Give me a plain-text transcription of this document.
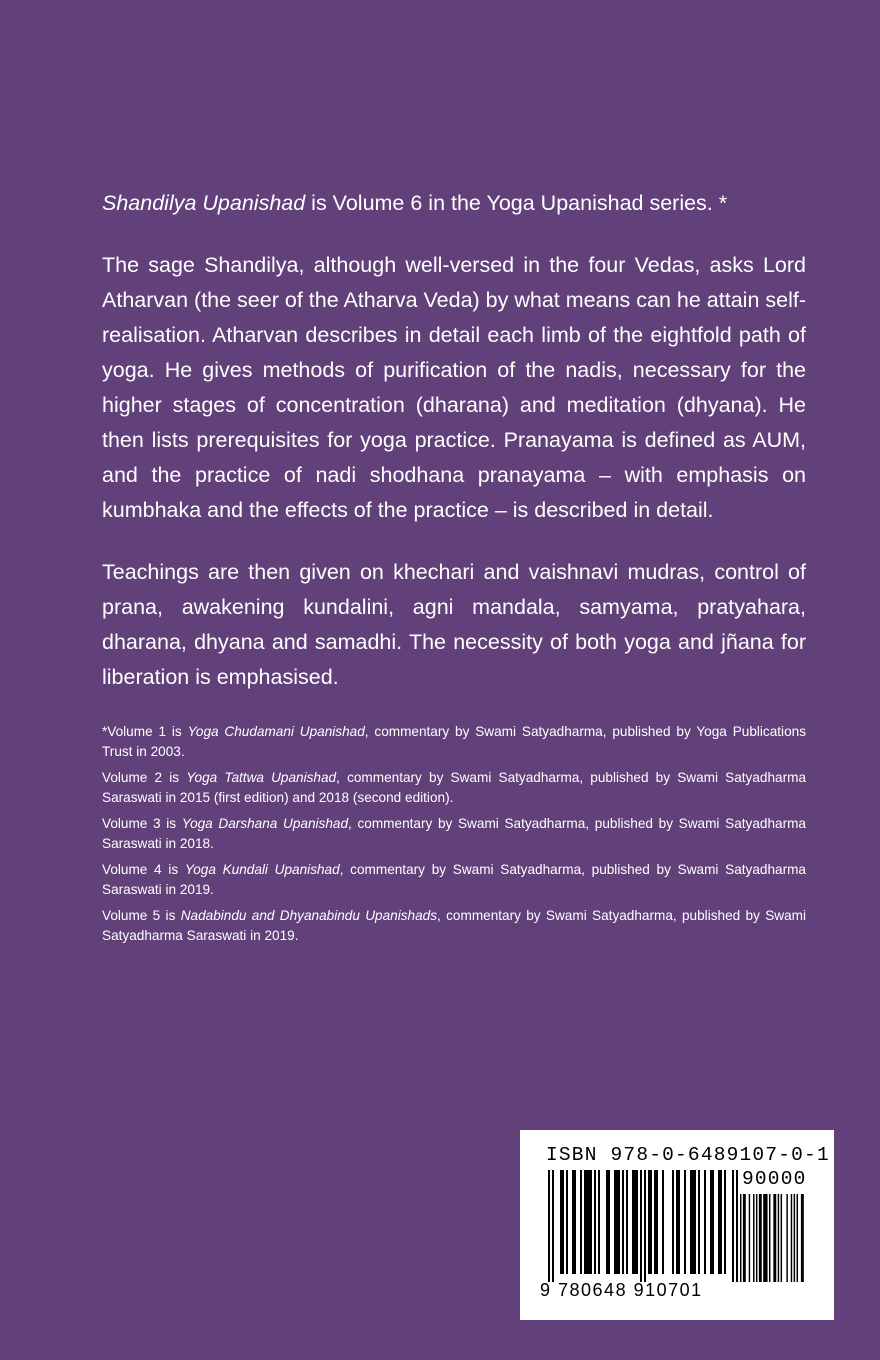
Shandilya Upanishad is Volume 6 in the Yoga Upanishad series. *

The sage Shandilya, although well-versed in the four Vedas, asks Lord Atharvan (the seer of the Atharva Veda) by what means can he attain self-realisation. Atharvan describes in detail each limb of the eightfold path of yoga. He gives methods of purification of the nadis, necessary for the higher stages of concentration (dharana) and meditation (dhyana). He then lists prerequisites for yoga practice. Pranayama is defined as AUM, and the practice of nadi shodhana pranayama – with emphasis on kumbhaka and the effects of the practice – is described in detail.

Teachings are then given on khechari and vaishnavi mudras, control of prana, awakening kundalini, agni mandala, samyama, pratyahara, dharana, dhyana and samadhi. The necessity of both yoga and jñana for liberation is emphasised.

*Volume 1 is Yoga Chudamani Upanishad, commentary by Swami Satyadharma, published by Yoga Publications Trust in 2003.

Volume 2 is Yoga Tattwa Upanishad, commentary by Swami Satyadharma, published by Swami Satyadharma Saraswati in 2015 (first edition) and 2018 (second edition).

Volume 3 is Yoga Darshana Upanishad, commentary by Swami Satyadharma, published by Swami Satyadharma Saraswati in 2018.

Volume 4 is Yoga Kundali Upanishad, commentary by Swami Satyadharma, published by Swami Satyadharma Saraswati in 2019.

Volume 5 is Nadabindu and Dhyanabindu Upanishads, commentary by Swami Satyadharma, published by Swami Satyadharma Saraswati in 2019.

ISBN 978-0-6489107-0-1
90000
9 780648 910701
